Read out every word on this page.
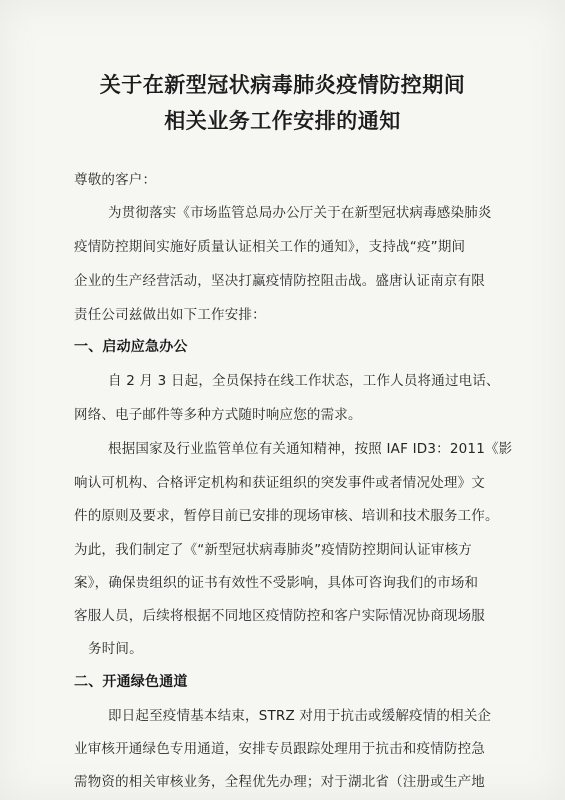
关于在新型冠状病毒肺炎疫情防控期间
相关业务工作安排的通知
尊敬的客户：
为贯彻落实《市场监管总局办公厅关于在新型冠状病毒感染肺炎
疫情防控期间实施好质量认证相关工作的通知》，支持战“疫”期间
企业的生产经营活动，坚决打赢疫情防控阻击战。盛唐认证南京有限
责任公司兹做出如下工作安排：
一、启动应急办公
自 2 月 3 日起，全员保持在线工作状态，工作人员将通过电话、
网络、电子邮件等多种方式随时响应您的需求。
根据国家及行业监管单位有关通知精神，按照 IAF ID3：2011《影
响认可机构、合格评定机构和获证组织的突发事件或者情况处理》文
件的原则及要求，暂停目前已安排的现场审核、培训和技术服务工作。
为此，我们制定了《“新型冠状病毒肺炎”疫情防控期间认证审核方
案》，确保贵组织的证书有效性不受影响，具体可咨询我们的市场和
客服人员，后续将根据不同地区疫情防控和客户实际情况协商现场服
务时间。
二、开通绿色通道
即日起至疫情基本结束，STRZ 对用于抗击或缓解疫情的相关企
业审核开通绿色专用通道，安排专员跟踪处理用于抗击和疫情防控急
需物资的相关审核业务，全程优先办理；对于湖北省（注册或生产地
